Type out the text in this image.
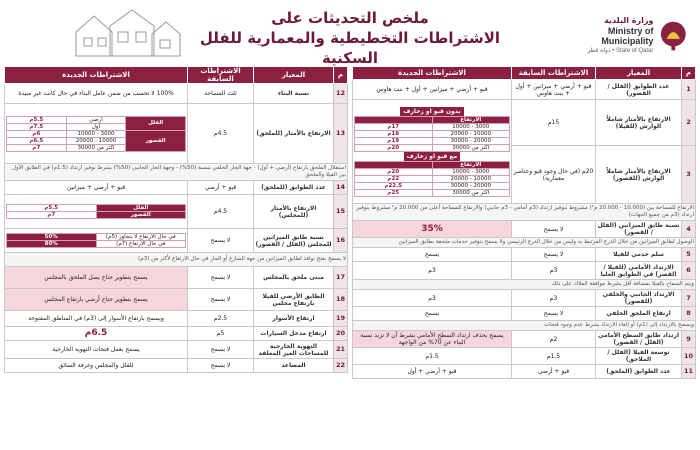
وزارة البلدية
Ministry of Municipality
State of Qatar • دولة قطر
ملخص التحديثات على
الاشتراطات التخطيطية والمعمارية للفلل السكنية
م	المعيار	الاشتراطات السابقة	الاشتراطات الجديدة
1	عدد الطوابق (الفلل / القصور)	قبو + أرضي + ميزانين + أول + بنت هاوس	قبو + أرضي + ميزانين + أول + بنت هاوس
2	الارتفاع بالأمتار شاملاً الوارش (للفيلا)	15م	بدون قبو او زخارف
الارتفاع	
3000 - 10000	17م
10000 - 20000	18م
20000 - 30000	19م
أكثر من 30000	20م
مع قبو او زخارف
الارتفاع	
3000 - 10000	20م
10000 - 20000	22م
20000 - 30000	22.5م
أكثر من 30000	25م

3	الارتفاع بالأمتار شاملاً الوارش (للقصور)	20م (في حال وجود قبو وعناصر معمارية)
الارتفاع للمساحة بين (10.000 - 20.000 م²) مشروط بتوفير ارتداد (3م أمامي - 3م جانبي) والارتفاع للمساحة أعلى من 20.000 م² مشروط بتوفير ارتداد (3م من جميع الجهات)
4	نسبة طابق الميزانين (الفلل / القصور)	لا يسمح	35%
الوصول لطابق الميزانين من خلال الدرج المرتبط به وليس من خلال الدرج الرئيسي ولا يسمح بتوفير خدمات ملحقة بطابق الميزانين
5	سلم خدمي للفيلا	لا يسمح	يسمح
6	الارتداد الأمامي (للفيلا / القصر) في الطوابق العليا	3م	3م
ويتم السماح بالفيلا بمسافة أقل بشرط موافقة الملاك على ذلك
7	الارتداد الجانبي والخلفي (للقصور)	3م	3م
8	ارتفاع الملحق الخلفي	لا يسمح	يسمح
ويسمح بالارتداد إلى (1م) أو إلغاء الارتداد بشرط عدم وجود فتحات
9	ارتداد طابق السطح الأمامي (الفلل / القصور)	2م	يسمح بحذف ارتداد السطح الأمامي بشرط أن لا تزيد نسبة البناء عن 70% من الواجهة
10	توسعة الفيلا (الفلل / الملاحق)	1.5م	1.5م
11	عدد الطوابق (الملحق)	قبو + أرضي	قبو + أرضي + أول
م	المعيار	الاشتراطات السابقة	الاشتراطات الجديدة
12	نسبة البناء	ثلث المساحة	100% لا تحسب من ضمن عامل البناء في حال كانت غير مبيدة
13	الارتفاع بالأمتار (للملحق)	4.5م	
الفلل	أرضي	5.5م
أول	7.5م
القصور	3000 - 10000	6م
10000 - 20000	6.5م
أكثر من 30000	7م

استقلال الملحق بارتفاع (أرضي + أول) - جهة الجار الخلفي بنسبة (50%) - وجهة الجار الجانبي (50%) بشرط توفير ارتداد (1.5م) في الطابق الأول بين الفيلا والملحق
14	عدد الطوابق (للملحق)	قبو + أرضي	قبو + أرضي + ميزانين
15	الارتفاع بالأمتار (للمجلس)	4.5م	
الفلل	5.5م
القصور	7م

16	نسبة طابق الميزانين للمجلس (الفلل / القصور)	لا يسمح	
في حال الارتفاع لا يتجاوز (5م)	50%
في حال الارتفاع (7م)	80%

لا يسمح بفتح نوافذ لطابق الميزانين من جهة الشارع أو الجار في حال الارتفاع لأكثر من (3م)
17	مبنى ملحق بالمجلس	لا يسمح	يسمح بتطوير جناح يصل الملحق بالمجلس
18	الطابق الأرضي للفيلا بارتفاع مجلس	لا يسمح	يسمح بتطوير جناح أرضي بارتفاع المجلس
19	ارتفاع الأسوار	2.5م	ويسمح بارتفاع الأسوار إلى (3م) في المناطق المفتوحة
20	ارتفاع مدخل السيارات	5م	6.5م
21	التهوية الخارجية للمساحات الغير المغلقة	لا يسمح	يسمح بعمل فتحات التهوية الخارجية
22	المصاعد	لا يسمح	للفلل والمجلس وغرفة السائق
